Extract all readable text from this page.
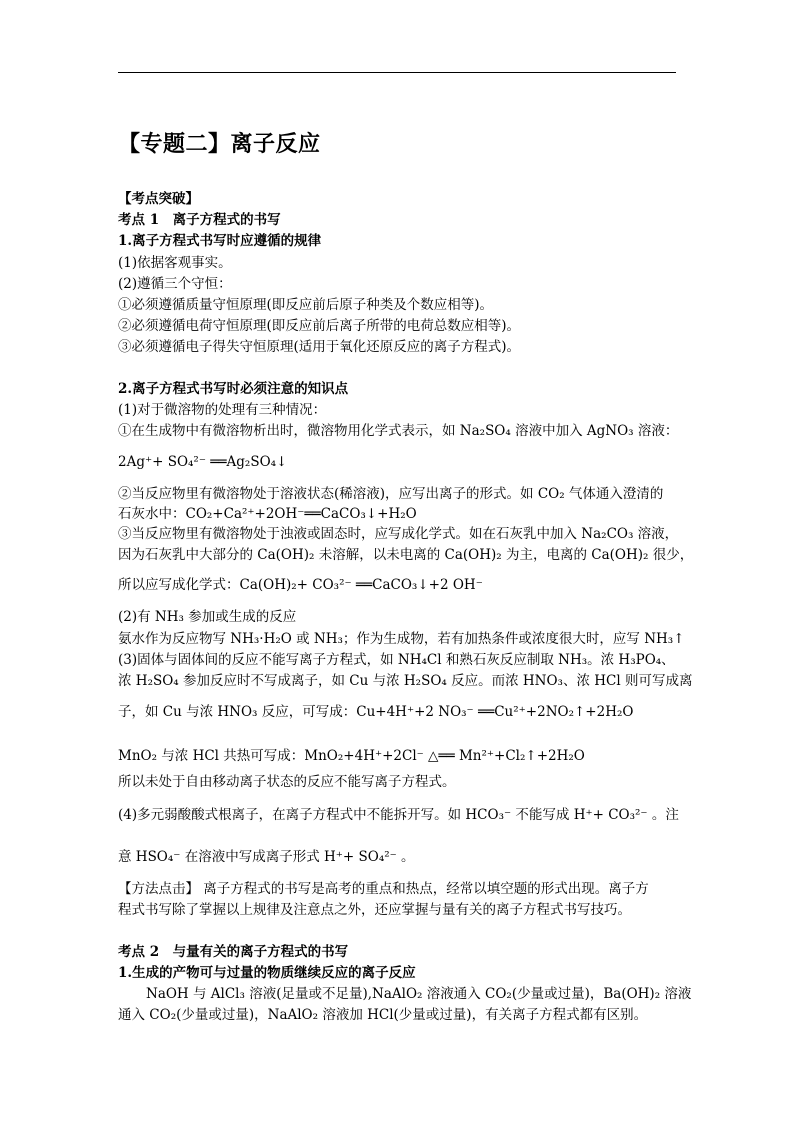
【专题二】离子反应
【考点突破】
考点 1　离子方程式的书写
1.离子方程式书写时应遵循的规律
(1)依据客观事实。
(2)遵循三个守恒：
①必须遵循质量守恒原理(即反应前后原子种类及个数应相等)。
②必须遵循电荷守恒原理(即反应前后离子所带的电荷总数应相等)。
③必须遵循电子得失守恒原理(适用于氧化还原反应的离子方程式)。
2.离子方程式书写时必须注意的知识点
(1)对于微溶物的处理有三种情况：
①在生成物中有微溶物析出时，微溶物用化学式表示，如 Na₂SO₄ 溶液中加入 AgNO₃ 溶液：
2Ag⁺+ SO₄²⁻ ══Ag₂SO₄↓
②当反应物里有微溶物处于溶液状态(稀溶液)，应写出离子的形式。如 CO₂ 气体通入澄清的
石灰水中：CO₂+Ca²⁺+2OH⁻══CaCO₃↓+H₂O
③当反应物里有微溶物处于浊液或固态时，应写成化学式。如在石灰乳中加入 Na₂CO₃ 溶液，
因为石灰乳中大部分的 Ca(OH)₂ 未溶解，以未电离的 Ca(OH)₂ 为主，电离的 Ca(OH)₂ 很少，
所以应写成化学式：Ca(OH)₂+ CO₃²⁻ ══CaCO₃↓+2 OH⁻
(2)有 NH₃ 参加或生成的反应
氨水作为反应物写 NH₃·H₂O 或 NH₃；作为生成物，若有加热条件或浓度很大时，应写 NH₃↑
(3)固体与固体间的反应不能写离子方程式，如 NH₄Cl 和熟石灰反应制取 NH₃。浓 H₃PO₄、
浓 H₂SO₄ 参加反应时不写成离子，如 Cu 与浓 H₂SO₄ 反应。而浓 HNO₃、浓 HCl 则可写成离
子，如 Cu 与浓 HNO₃ 反应，可写成：Cu+4H⁺+2 NO₃⁻ ══Cu²⁺+2NO₂↑+2H₂O
MnO₂ 与浓 HCl 共热可写成：MnO₂+4H⁺+2Cl⁻ △══ Mn²⁺+Cl₂↑+2H₂O
所以未处于自由移动离子状态的反应不能写离子方程式。
(4)多元弱酸酸式根离子，在离子方程式中不能拆开写。如 HCO₃⁻ 不能写成 H⁺+ CO₃²⁻ 。注
意 HSO₄⁻ 在溶液中写成离子形式 H⁺+ SO₄²⁻ 。
【方法点击】 离子方程式的书写是高考的重点和热点，经常以填空题的形式出现。离子方
程式书写除了掌握以上规律及注意点之外，还应掌握与量有关的离子方程式书写技巧。
考点 2　与量有关的离子方程式的书写
1.生成的产物可与过量的物质继续反应的离子反应
NaOH 与 AlCl₃ 溶液(足量或不足量),NaAlO₂ 溶液通入 CO₂(少量或过量)，Ba(OH)₂ 溶液
通入 CO₂(少量或过量)，NaAlO₂ 溶液加 HCl(少量或过量)，有关离子方程式都有区别。
